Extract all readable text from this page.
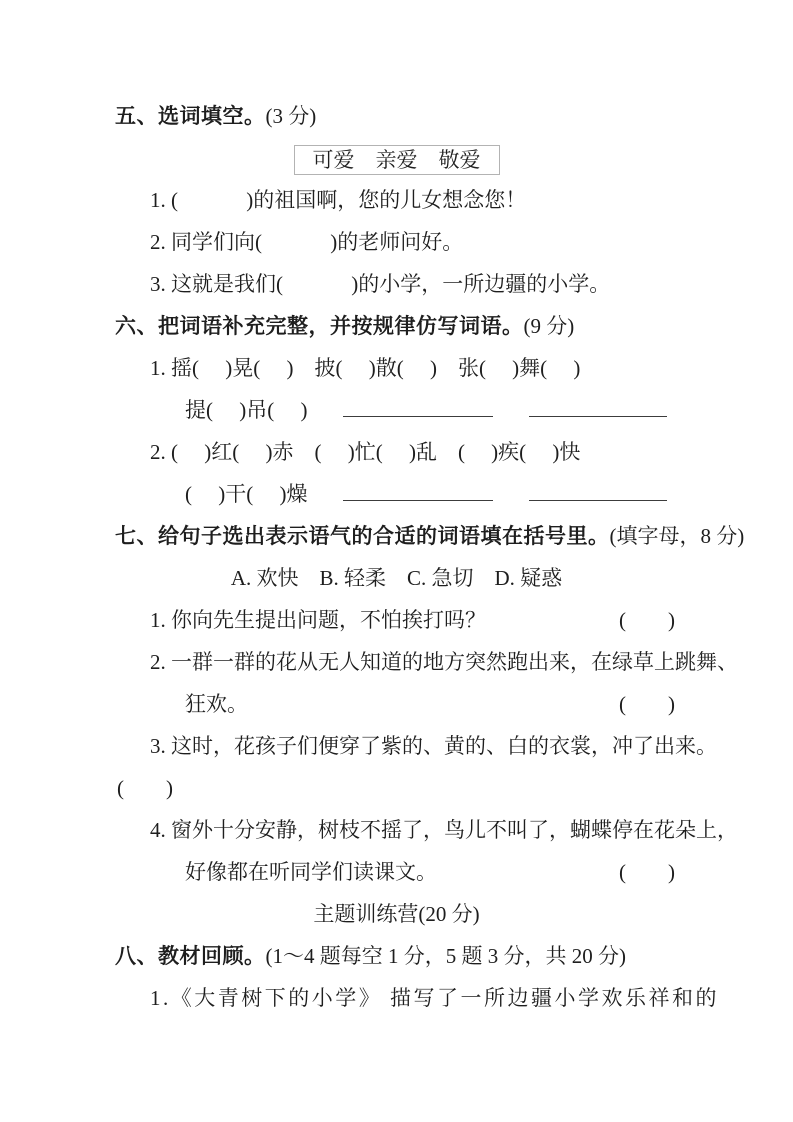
五、选词填空。(3 分)
可爱　亲爱　敬爱
1. (　　　 )的祖国啊，您的儿女想念您！
2. 同学们向(　　　 )的老师问好。
3. 这就是我们(　　　 )的小学，一所边疆的小学。
六、把词语补充完整，并按规律仿写词语。(9 分)
1. 摇(　 )晃(　 )　披(　 )散(　 )　张(　 )舞(　 )
提(　 )吊(　 )
2. (　 )红(　 )赤　(　 )忙(　 )乱　(　 )疾(　 )快
(　 )干(　 )燥
七、给句子选出表示语气的合适的词语填在括号里。(填字母，8 分)
A. 欢快　B. 轻柔　C. 急切　D. 疑惑
1. 你向先生提出问题，不怕挨打吗？	(　　)
2. 一群一群的花从无人知道的地方突然跑出来，在绿草上跳舞、
狂欢。	(　　)
3. 这时，花孩子们便穿了紫的、黄的、白的衣裳，冲了出来。
(　　)
4. 窗外十分安静，树枝不摇了，鸟儿不叫了，蝴蝶停在花朵上，
好像都在听同学们读课文。	(　　)
主题训练营(20 分)
八、教材回顾。(1～4 题每空 1 分，5 题 3 分，共 20 分)
1.《大青树下的小学》 描写了一所边疆小学欢乐祥和的
